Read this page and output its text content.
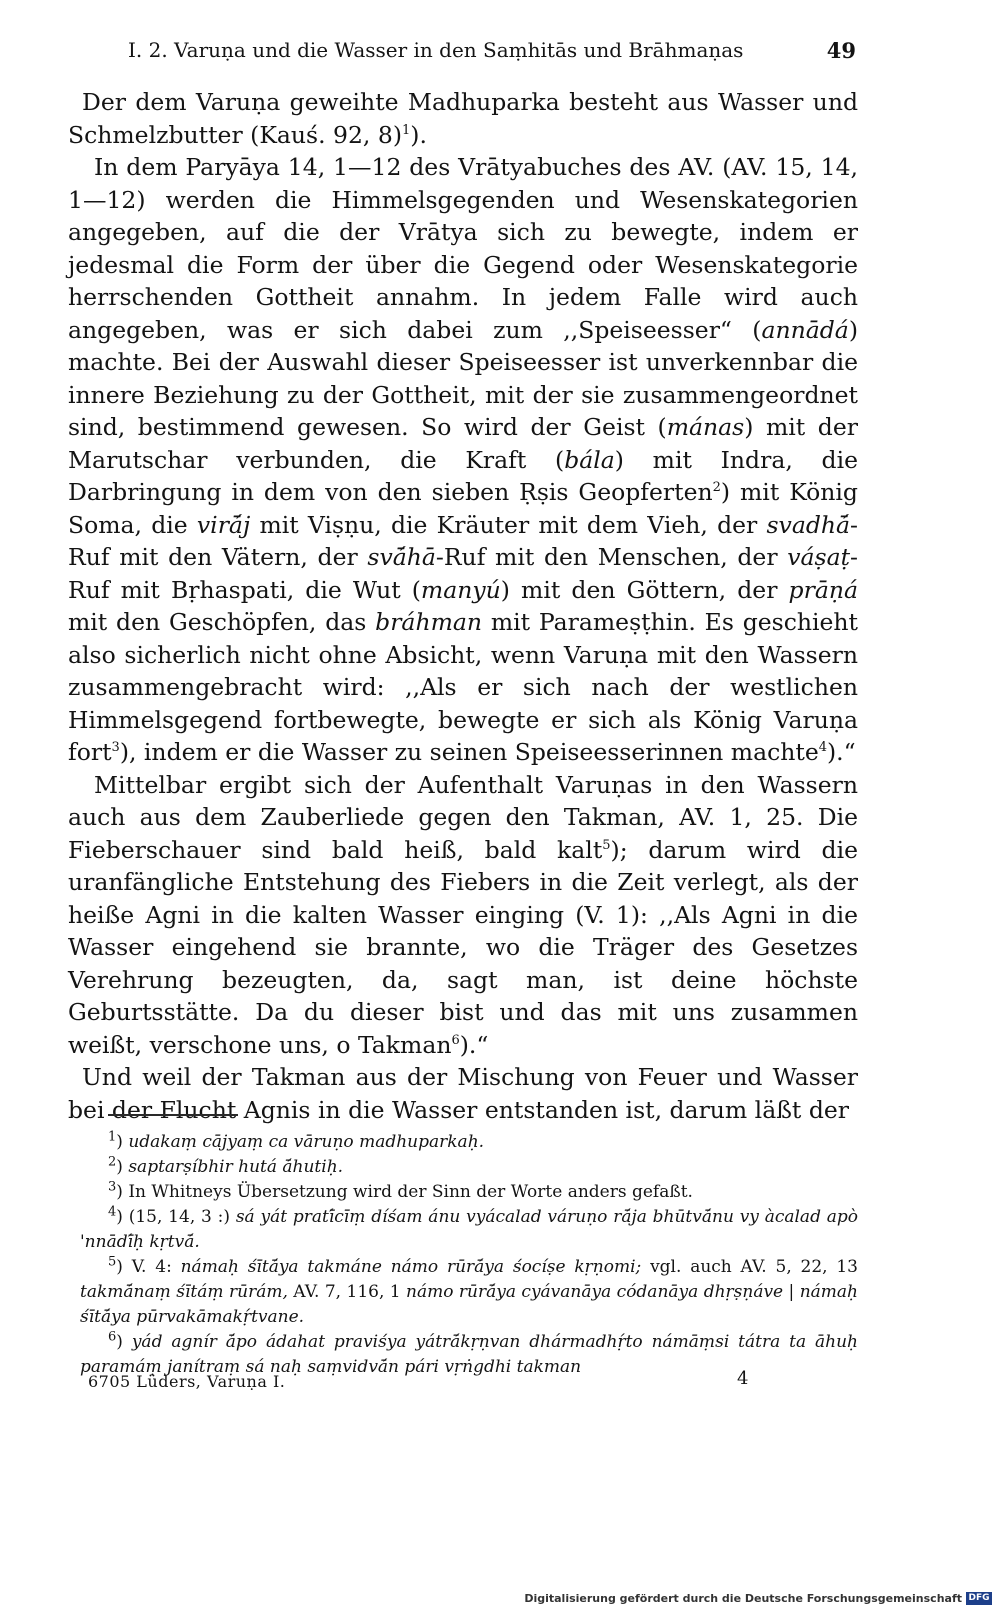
I. 2. Varuṇa und die Wasser in den Saṃhitās und Brāhmaṇas	49

Der dem Varuṇa geweihte Madhuparka besteht aus Wasser und Schmelzbutter (Kauś. 92, 8)$^1$).

In dem Paryāya 14, 1—12 des Vrātyabuches des AV. (AV. 15, 14, 1—12) werden die Himmelsgegenden und Wesenskategorien angegeben, auf die der Vrātya sich zu bewegte, indem er jedesmal die Form der über die Gegend oder Wesenskategorie herrschenden Gottheit annahm. In jedem Falle wird auch angegeben, was er sich dabei zum ,,Speiseesser“ (annādá) machte. Bei der Auswahl dieser Speiseesser ist unverkennbar die innere Beziehung zu der Gottheit, mit der sie zusammengeordnet sind, bestimmend gewesen. So wird der Geist (mánas) mit der Marutschar verbunden, die Kraft (bála) mit Indra, die Darbringung in dem von den sieben Ṛṣis Geopferten$^2$) mit König Soma, die virā́j mit Viṣṇu, die Kräuter mit dem Vieh, der svadhā́-Ruf mit den Vätern, der svā́hā-Ruf mit den Menschen, der váṣaṭ-Ruf mit Bṛhaspati, die Wut (manyú) mit den Göttern, der prāṇá mit den Geschöpfen, das bráhman mit Parameṣṭhin. Es geschieht also sicherlich nicht ohne Absicht, wenn Varuṇa mit den Wassern zusammengebracht wird: ,,Als er sich nach der westlichen Himmelsgegend fortbewegte, bewegte er sich als König Varuṇa fort$^3$), indem er die Wasser zu seinen Speiseesserinnen machte$^4$).“

Mittelbar ergibt sich der Aufenthalt Varuṇas in den Wassern auch aus dem Zauberliede gegen den Takman, AV. 1, 25. Die Fieberschauer sind bald heiß, bald kalt$^5$); darum wird die uranfängliche Entstehung des Fiebers in die Zeit verlegt, als der heiße Agni in die kalten Wasser einging (V. 1): ,,Als Agni in die Wasser eingehend sie brannte, wo die Träger des Gesetzes Verehrung bezeugten, da, sagt man, ist deine höchste Geburtsstätte. Da du dieser bist und das mit uns zusammen weißt, verschone uns, o Takman$^6$).“

Und weil der Takman aus der Mischung von Feuer und Wasser bei der Flucht Agnis in die Wasser entstanden ist, darum läßt der

$^1$) udakaṃ cājyaṃ ca vāruṇo madhuparkaḥ.

$^2$) saptarṣíbhir hutá ā́hutiḥ.

$^3$) In Whitneys Übersetzung wird der Sinn der Worte anders gefaßt.

$^4$) (15, 14, 3 :) sá yát pratī́cīṃ díśam ánu vyácalad váruṇo rā́ja bhūtvā́nu vy àcalad apò 'nnādī́ḥ kṛtvā́.

$^5$) V. 4: námaḥ śītā́ya takmáne námo rūrā́ya śocíṣe kṛṇomi; vgl. auch AV. 5, 22, 13 takmā́naṃ śītáṃ rūrám, AV. 7, 116, 1 námo rūrā́ya cyávanāya códanāya dhṛṣṇáve | námaḥ śītā́ya pūrvakāmakṛ́tvane.

$^6$) yád agnír ā́po ádahat praviśya yátrā́kṛṇvan dhármadhṛ́to námāṃsi tátra ta āhuḥ paramáṃ janítraṃ sá naḥ saṃvidvā́n pári vṛṅgdhi takman

6705 Lüders, Varuṇa I.	4
Digitalisierung gefördert durch die Deutsche Forschungsgemeinschaft DFG
